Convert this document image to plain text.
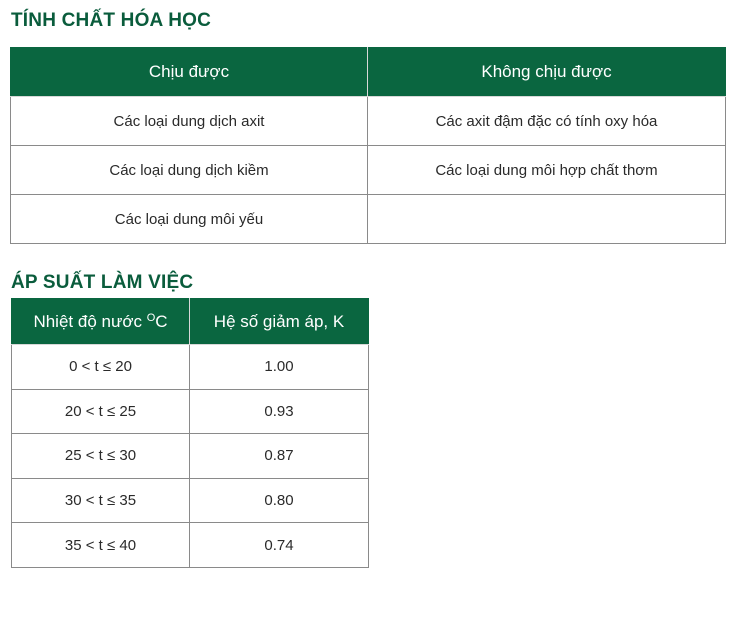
TÍNH CHẤT HÓA HỌC
Chịu được	Không chịu được
Các loại dung dịch axit	Các axit đậm đặc có tính oxy hóa
Các loại dung dịch kiềm	Các loại dung môi hợp chất thơm
Các loại dung môi yếu	
ÁP SUẤT LÀM VIỆC
Nhiệt độ nước $^O$C	Hệ số giảm áp, K
0 < t ≤ 20	1.00
20 < t ≤ 25	0.93
25 < t ≤ 30	0.87
30 < t ≤ 35	0.80
35 < t ≤ 40	0.74
